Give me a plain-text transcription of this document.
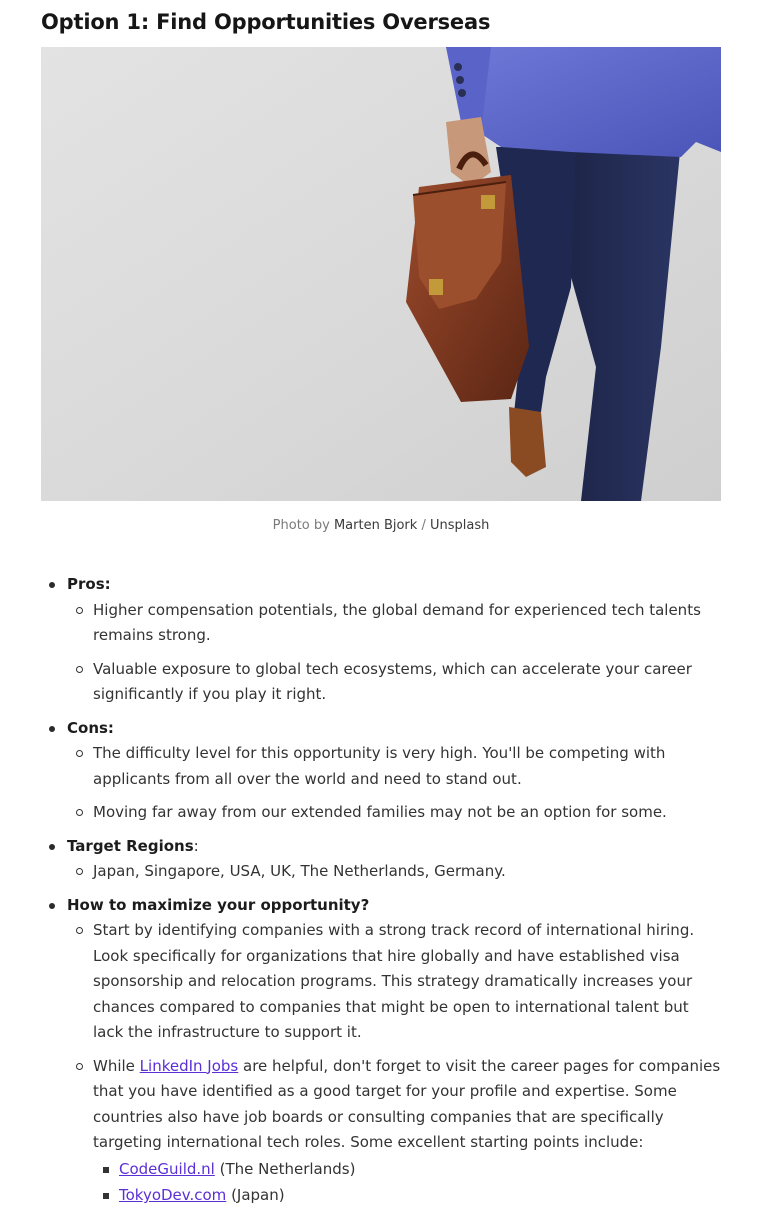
Option 1: Find Opportunities Overseas
Photo by Marten Bjork / Unsplash
Pros:
Higher compensation potentials, the global demand for experienced tech talents remains strong.
Valuable exposure to global tech ecosystems, which can accelerate your career significantly if you play it right.
Cons:
The difficulty level for this opportunity is very high. You'll be competing with applicants from all over the world and need to stand out.
Moving far away from our extended families may not be an option for some.
Target Regions:
Japan, Singapore, USA, UK, The Netherlands, Germany.
How to maximize your opportunity?
Start by identifying companies with a strong track record of international hiring. Look specifically for organizations that hire globally and have established visa sponsorship and relocation programs. This strategy dramatically increases your chances compared to companies that might be open to international talent but lack the infrastructure to support it.
While LinkedIn Jobs are helpful, don't forget to visit the career pages for companies that you have identified as a good target for your profile and expertise. Some countries also have job boards or consulting companies that are specifically targeting international tech roles. Some excellent starting points include:
CodeGuild.nl (The Netherlands)
TokyoDev.com (Japan)
